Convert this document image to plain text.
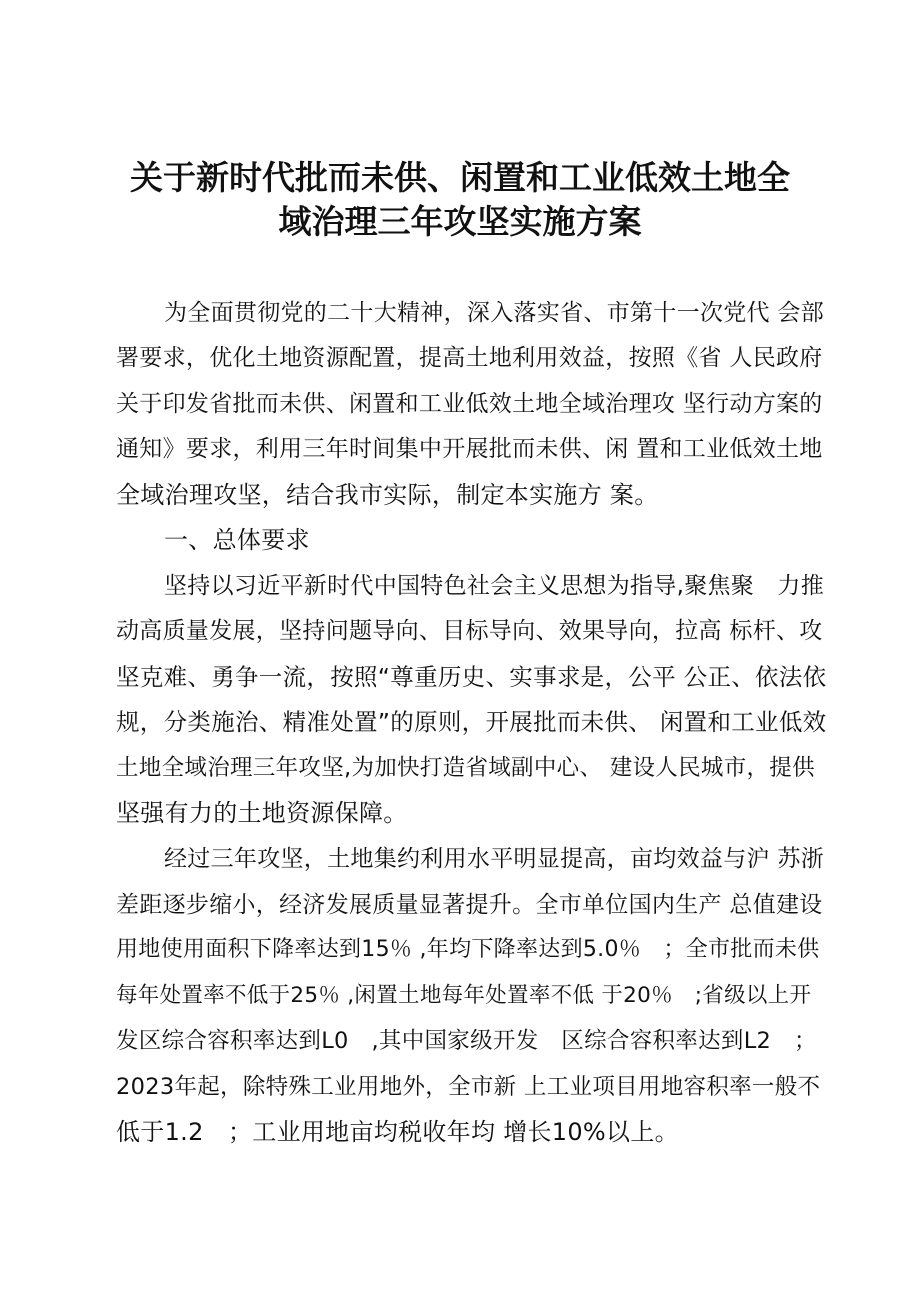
关于新时代批而未供、闲置和工业低效土地全
域治理三年攻坚实施方案
为全面贯彻党的二十大精神，深入落实省、市第十一次党代 会部
署要求，优化土地资源配置，提高土地利用效益，按照《省 人民政府
关于印发省批而未供、闲置和工业低效土地全域治理攻 坚行动方案的
通知》要求，利用三年时间集中开展批而未供、闲 置和工业低效土地
全域治理攻坚，结合我市实际，制定本实施方 案。
一、总体要求
坚持以习近平新时代中国特色社会主义思想为指导,聚焦聚　力推
动高质量发展，坚持问题导向、目标导向、效果导向，拉高 标杆、攻
坚克难、勇争一流，按照“尊重历史、实事求是，公平 公正、依法依
规，分类施治、精准处置”的原则，开展批而未供、 闲置和工业低效
土地全域治理三年攻坚,为加快打造省域副中心、 建设人民城市，提供
坚强有力的土地资源保障。
经过三年攻坚，土地集约利用水平明显提高，亩均效益与沪 苏浙
差距逐步缩小，经济发展质量显著提升。全市单位国内生产 总值建设
用地使用面积下降率达到15％ ,年均下降率达到5.0％　；全市批而未供
每年处置率不低于25％ ,闲置土地每年处置率不低 于20％　;省级以上开
发区综合容积率达到L0　,其中国家级开发　区综合容积率达到L2　；
2023年起，除特殊工业用地外，全市新 上工业项目用地容积率一般不
低于1.2　；工业用地亩均税收年均 增长10%以上。
